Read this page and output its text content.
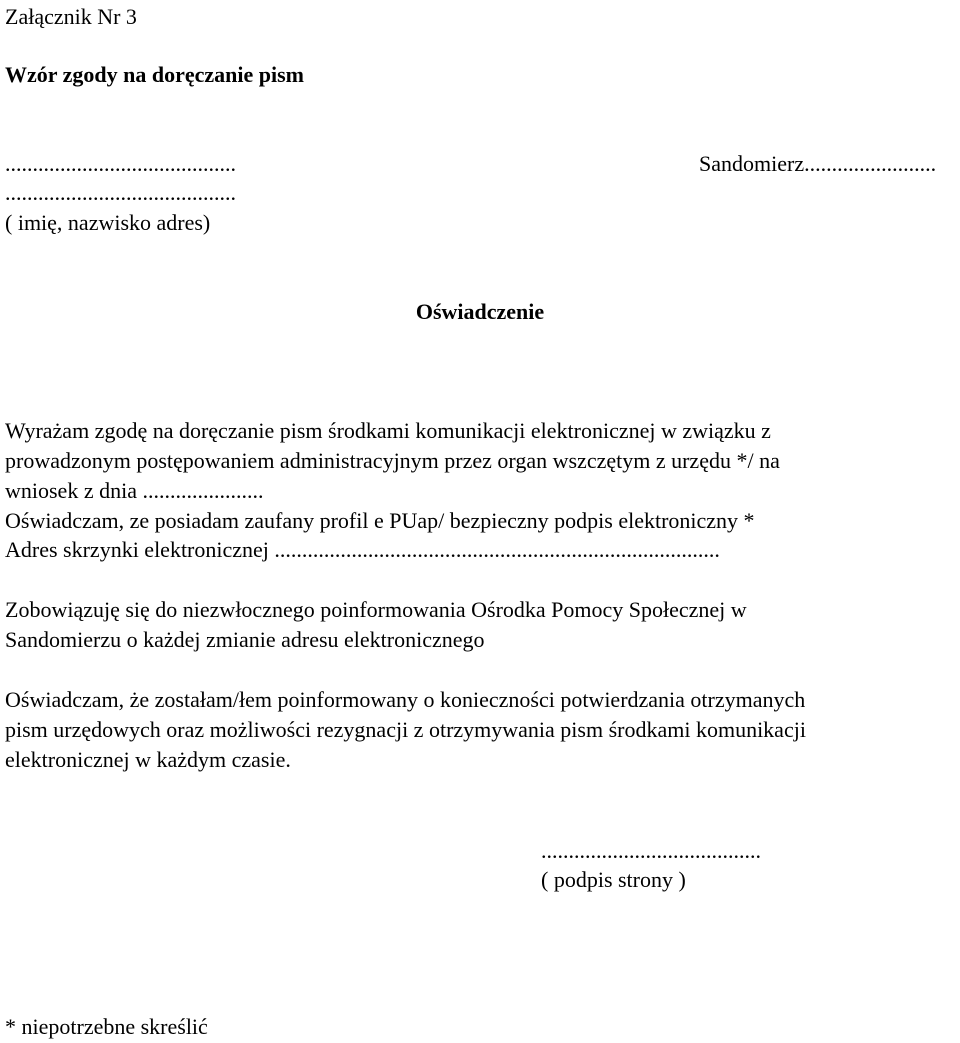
Załącznik Nr 3
Wzór zgody na doręczanie pism
..........................................	Sandomierz........................
..........................................
( imię, nazwisko adres)
Oświadczenie
Wyrażam zgodę na doręczanie pism środkami komunikacji elektronicznej w związku z
prowadzonym postępowaniem administracyjnym przez organ wszczętym z urzędu */ na
wniosek z dnia ......................
Oświadczam, ze posiadam zaufany profil e PUap/ bezpieczny podpis elektroniczny *
Adres skrzynki elektronicznej .................................................................................
Zobowiązuję się do niezwłocznego poinformowania Ośrodka Pomocy Społecznej w
Sandomierzu o każdej zmianie adresu elektronicznego
Oświadczam, że zostałam/łem poinformowany o konieczności potwierdzania otrzymanych
pism urzędowych oraz możliwości rezygnacji z otrzymywania pism środkami komunikacji
elektronicznej w każdym czasie.
........................................
( podpis strony )
* niepotrzebne skreślić
